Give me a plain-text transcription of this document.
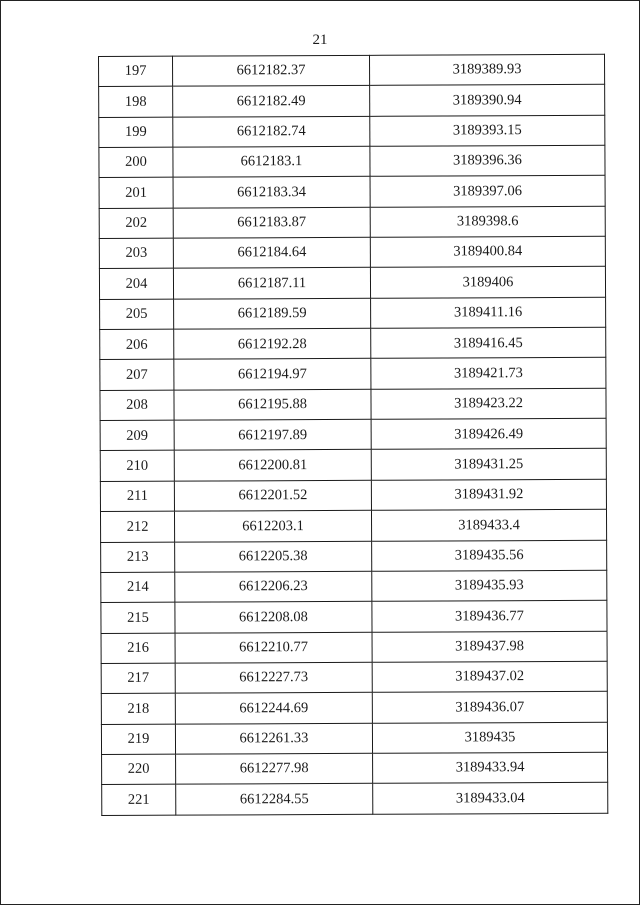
21
197	6612182.37	3189389.93
198	6612182.49	3189390.94
199	6612182.74	3189393.15
200	6612183.1	3189396.36
201	6612183.34	3189397.06
202	6612183.87	3189398.6
203	6612184.64	3189400.84
204	6612187.11	3189406
205	6612189.59	3189411.16
206	6612192.28	3189416.45
207	6612194.97	3189421.73
208	6612195.88	3189423.22
209	6612197.89	3189426.49
210	6612200.81	3189431.25
211	6612201.52	3189431.92
212	6612203.1	3189433.4
213	6612205.38	3189435.56
214	6612206.23	3189435.93
215	6612208.08	3189436.77
216	6612210.77	3189437.98
217	6612227.73	3189437.02
218	6612244.69	3189436.07
219	6612261.33	3189435
220	6612277.98	3189433.94
221	6612284.55	3189433.04
